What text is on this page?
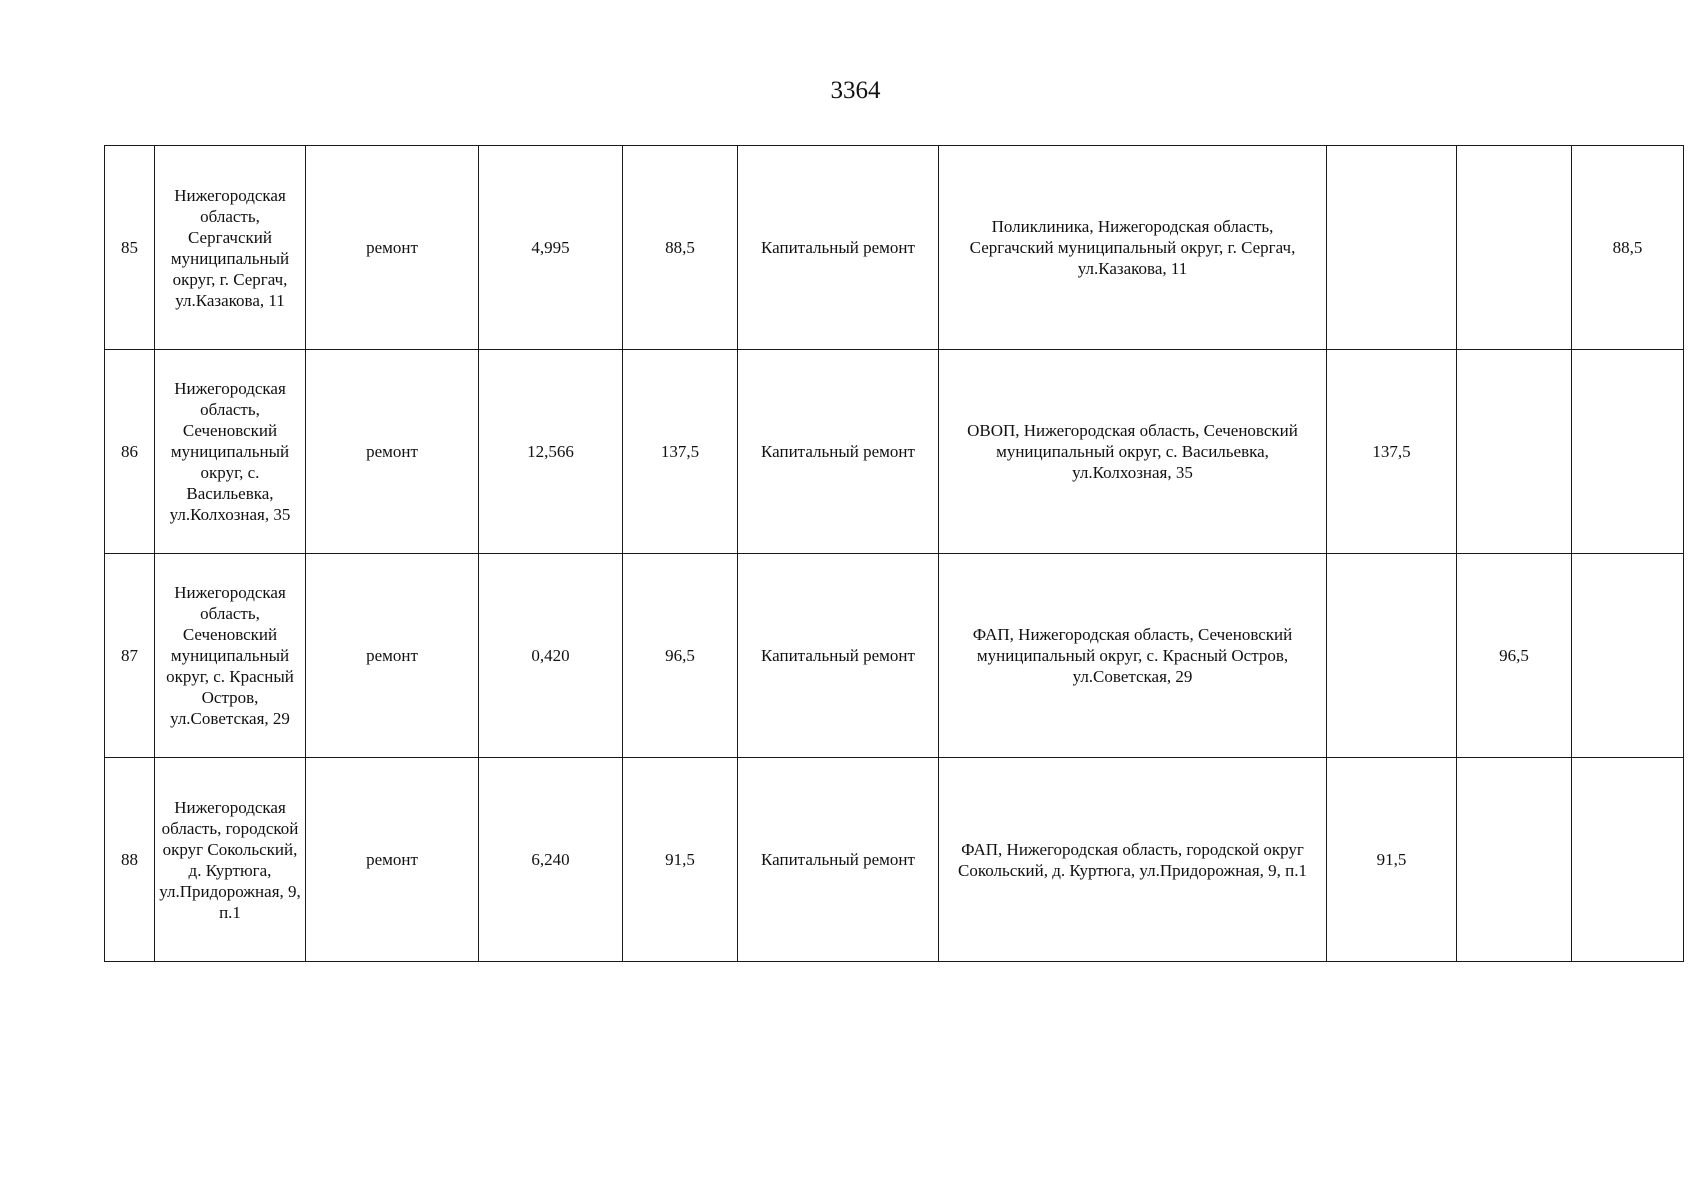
3364
85	Нижегородская область, Сергачский муниципальный округ, г. Сергач, ул.Казакова, 11	ремонт	4,995	88,5	Капитальный ремонт	Поликлиника, Нижегородская область, Сергачский муниципальный округ, г. Сергач, ул.Казакова, 11			88,5
86	Нижегородская область, Сеченовский муниципальный округ, с. Васильевка, ул.Колхозная, 35	ремонт	12,566	137,5	Капитальный ремонт	ОВОП, Нижегородская область, Сеченовский муниципальный округ, с. Васильевка, ул.Колхозная, 35	137,5		
87	Нижегородская область, Сеченовский муниципальный округ, с. Красный Остров, ул.Советская, 29	ремонт	0,420	96,5	Капитальный ремонт	ФАП, Нижегородская область, Сеченовский муниципальный округ, с. Красный Остров, ул.Советская, 29		96,5	
88	Нижегородская область, городской округ Сокольский, д. Куртюга, ул.Придорожная, 9, п.1	ремонт	6,240	91,5	Капитальный ремонт	ФАП, Нижегородская область, городской округ Сокольский, д. Куртюга, ул.Придорожная, 9, п.1	91,5		
